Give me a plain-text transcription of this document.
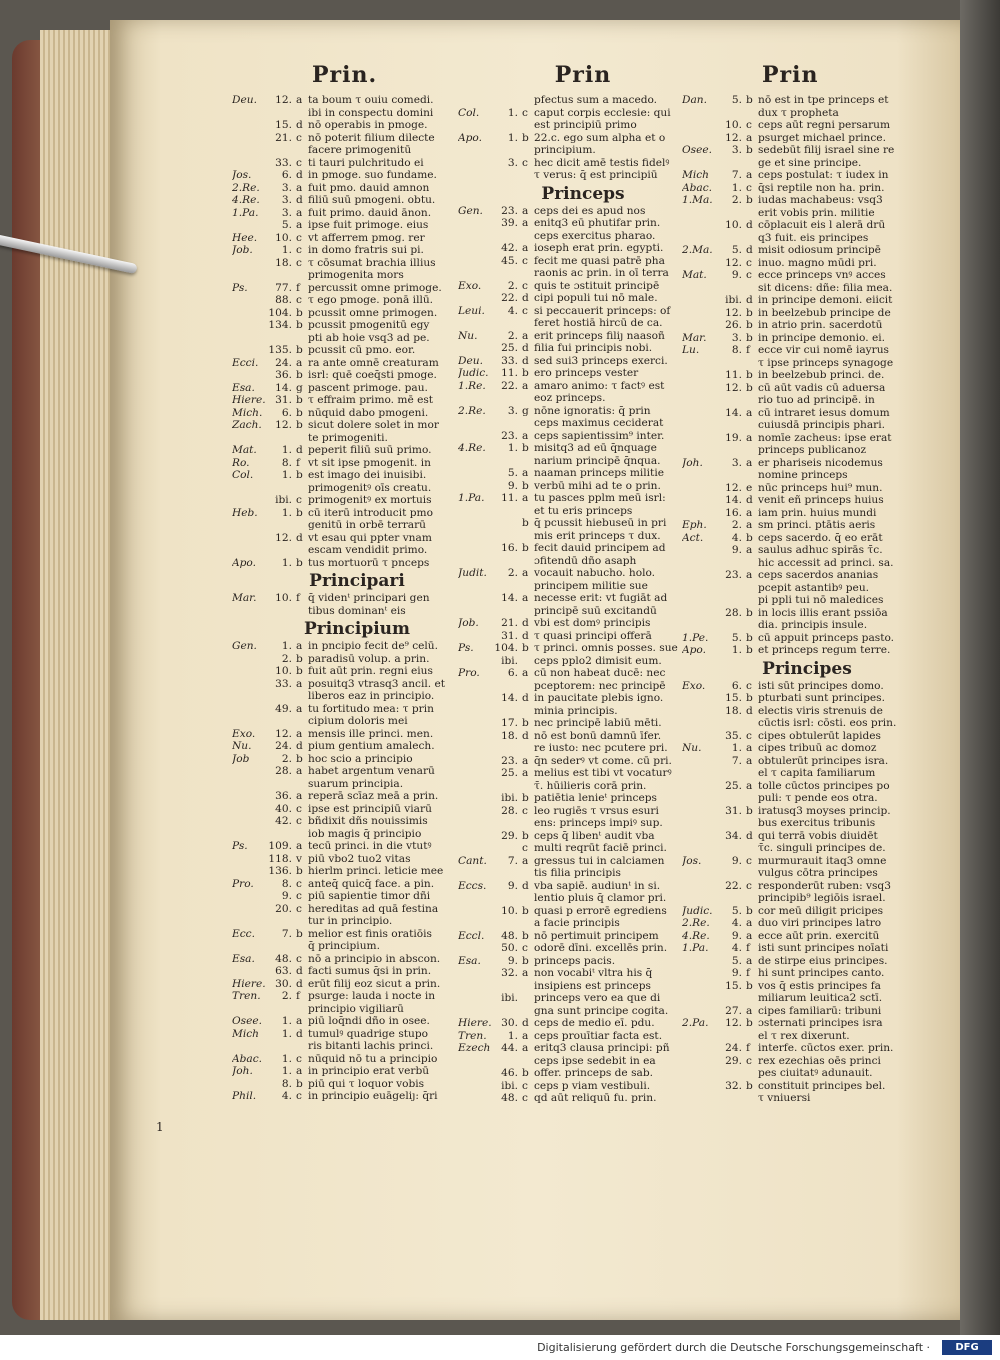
Prin.
Deu.	12. a ta boum τ ouiu comedi.
ibi in conspectu domini
15. d nō operabis in pmoge.
21. c nō poterit filium dilecte
facere primogenitū
33. c ti tauri pulchritudo ei
Jos.	6. d in pmoge. suo fundame.
2.Re.	3. a fuit pmo. dauid amnon
4.Re.	3. d filiū suū pmogeni. obtu.
1.Pa.	3. a fuit primo. dauid ānon.
5. a ipse fuit primoge. eius
Hee.	10. c vt afferrem pmog. rer
Job.	1. c in domo fratris sui pi.
18. c τ cōsumat brachia illius
primogenita mors
Ps.	77. f percussit omne primoge.
88. c τ ego pmoge. ponā illū.
104. b pcussit omne primogen.
134. b pcussit pmogenitū egy
pti ab hoie vsq3 ad pe.
135. b pcussit cū pmo. eor.
Ecci.	24. a ra ante omnē creaturam
36. b isrl: quē coeq̄sti pmoge.
Esa.	14. g pascent primoge. pau.
Hiere. 31. b τ effraim primo. mē est
Mich.	6. b nūquid dabo pmogeni.
Zach.	12. b sicut dolere solet in mor
te primogeniti.
Mat.	1. d peperit filiū suū primo.
Ro.	8. f vt sit ipse pmogenit. in
Col.	1. b est imago dei inuisibi.
primogenitꝰ oīs creatu.
ibi. c primogenitꝰ ex mortuis
Heb.	1. b cū iterū introducit pmo
genitū in orbē terrarū
12. d vt esau qui ppter vnam
escam vendidit primo.
Apo.	1. b tus mortuorū τ pnceps
Principari
Mar.	10. f q̄ videnᵗ principari gen
tibus dominanᵗ eis
Principium
Gen.	1. a in pncipio fecit de⁹ celū.
2. b paradisū volup. a prin.
10. b fuit aūt prin. regni eius
33. a posuitq3 vtrasq3 ancil. et
liberos eaz in principio.
49. a tu fortitudo mea: τ prin
cipium doloris mei
Exo.	12. a mensis ille princi. men.
Nu.	24. d pium gentium amalech.
Job	2. b hoc scio a principio
28. a habet argentum venarū
suarum principia.
36. a reperā scīaz meā a prin.
40. c ipse est principiū viarū
42. c bñdixit dñs nouissimis
iob magis q̄ principio
Ps.	109. a tecū princi. in die vtutꝰ
118. v piū vbo2 tuo2 vitas
136. b hierlm princi. leticie mee
Pro.	8. c anteq̄ quicq̄ face. a pin.
9. c piū sapientie timor dñi
20. c hereditas ad quā festina
tur in principio.
Ecc.	7. b melior est finis oratiōis
q̄ principium.
Esa.	48. c nō a principio in abscon.
63. d facti sumus q̄si in prin.
Hiere. 30. d erūt filij eoz sicut a prin.
Tren.	2. f psurge: lauda i nocte in
principio vigiliarū
Osee.	1. a piū loq̄ndi dño in osee.
Mich	1. d tumulꝰ quadrige stupo
ris bitanti lachis princi.
Abac.	1. c nūquid nō tu a principio
Joh.	1. a in principio erat verbū
8. b piū qui τ loquor vobis
Phil.	4. c in principio euāgeliȷ: q̄ri
Prin
pfectus sum a macedo.
Col.	1. c caput corpis ecclesie: qui
est principiū primo
Apo.	1. b 22.c. ego sum alpha et o
principium.
3. c hec dicit amē testis fidelꝰ
τ verus: q̄ est principiū
Princeps
Gen.	23. a ceps dei es apud nos
39. a enitq3 eū phutifar prin.
ceps exercitus pharao.
42. a ioseph erat prin. egypti.
45. c fecit me quasi patrē pha
raonis ac prin. in oī terra
Exo.	2. c quis te ɔstituit principē
22. d cipi populi tui nō male.
Leui.	4. c si peccauerit princeps: of
feret hostiā hircū de ca.
Nu.	2. a erit princeps filiȷ naasoñ
25. d filia fui principis nobi.
Deu.	33. d sed sui3 princeps exerci.
Judic.	11. b ero princeps vester
1.Re.	22. a amaro animo: τ factꝰ est
eoz princeps.
2.Re.	3. g nōne ignoratis: q̄ prin
ceps maximus ceciderat
23. a ceps sapientissim⁹ inter.
4.Re.	1. b misitq3 ad eū q̄nquage
narium principē q̄nqua.
5. a naaman princeps militie
9. b verbū mihi ad te o prin.
1.Pa.	11. a tu pasces pplm meū isrl:
et tu eris princeps
b q̄ pcussit hiebuseū in pri
mis erit princeps τ dux.
16. b fecit dauid principem ad
ɔfitendū dño asaph
Judit.	2. a vocauit nabucho. holo.
principem militie sue
14. a necesse erit: vt fugiāt ad
principē suū excitandū
Job.	21. d vbi est domꝰ principis
31. d τ quasi principi offerā
Ps.	104. b τ princi. omnis posses. sue
ibi.	ceps pplo2 dimisit eum.
Pro.	6. a cū non habeat ducē: nec
pceptorem: nec principē
14. d in paucitate plebis igno.
minia principis.
17. b nec principē labiū mēti.
18. d nō est bonū damnū īfer.
re iusto: nec pcutere pri.
23. a q̄n sederꝰ vt come. cū pri.
25. a melius est tibi vt vocaturꝰ
τ̄. hūilieris corā prin.
ibi. b patiētia lenieᵗ princeps
28. c leo rugiēs τ vrsus esuri
ens: princeps impiꝰ sup.
29. b ceps q̄ libenᵗ audit vba
c multi reqrūt faciē princi.
Cant.	7. a gressus tui in calciamen
tis filia principis
Eccs.	9. d vba sapiē. audiunᵗ in si.
lentio pluis q̄ clamor pri.
10. b quasi p errorē egrediens
a facie principis
Eccl.	48. b nō pertimuit principem
50. c odorē dīni. excellēs prin.
Esa.	9. b princeps pacis.
32. a non vocabiᵗ vltra his q̄
insipiens est princeps
ibi.	princeps vero ea que di
gna sunt principe cogita.
Hiere. 30. d ceps de medio eī. pdu.
Tren.	1. a ceps prouītiar facta est.
Ezech	44. a eritq3 clausa principi: pñ
ceps ipse sedebit in ea
46. b offer. princeps de sab.
ibi. c ceps p viam vestibuli.
48. c qd aūt reliquū fu. prin.
Prin
Dan.	5. b nō est in tpe princeps et
dux τ propheta
10. c ceps aūt regni persarum
12. a psurget michael prince.
Osee.	3. b sedebūt filij israel sine re
ge et sine principe.
Mich	7. a ceps postulat: τ iudex in
Abac.	1. c q̄si reptile non ha. prin.
1.Ma.	2. b iudas machabeus: vsq3
erit vobis prin. militie
10. d cōplacuit eis l alerā drū
q3 fuit. eis principes
2.Ma.	5. d misit odiosum principē
12. c inuo. magno mūdi pri.
Mat.	9. c ecce princeps vnꝰ acces
sit dicens: dñe: filia mea.
ibi. d in principe demoni. eiicit
12. b in beelzebub principe de
26. b in atrio prin. sacerdotū
Mar.	3. b in principe demonio. ei.
Lu.	8. f ecce vir cui nomē iayrus
τ ipse princeps synagoge
11. b in beelzebub princi. de.
12. b cū aūt vadis cū aduersa
rio tuo ad principē. in
14. a cū intraret iesus domum
cuiusdā principis phari.
19. a nomīe zacheus: ipse erat
princeps publicanoz
Joh.	3. a er phariseis nicodemus
nomine princeps
12. e nūc princeps hui⁹ mun.
14. d venit eñ princeps huius
16. a iam prin. huius mundi
Eph.	2. a sm princi. ptātis aeris
Act.	4. b ceps sacerdo. q̄ eo erāt
9. a saulus adhuc spirās τ̄c.
hic accessit ad princi. sa.
23. a ceps sacerdos ananias
pcepit astantibꝰ peu.
pi ppli tui nō maledices
28. b in locis illis erant pssiōa
dia. principis insule.
1.Pe.	5. b cū appuit princeps pasto.
Apo.	1. b et princeps regum terre.
Principes
Exo.	6. c isti sūt principes domo.
15. b pturbati sunt principes.
18. d electis viris strenuis de
cūctis isrl: cōsti. eos prin.
35. c cipes obtulerūt lapides
Nu.	1. a cipes tribuū ac domoz
7. a obtulerūt principes isra.
el τ capita familiarum
25. a tolle cūctos principes po
puli: τ pende eos otra.
31. b iratusq3 moyses princip.
bus exercitus tribunis
34. d qui terrā vobis diuidēt
τ̄c. singuli principes de.
Jos.	9. c murmurauit itaq3 omne
vulgus cōtra principes
22. c responderūt ruben: vsq3
principib⁹ legiōis israel.
Judic.	5. b cor meū diligit pricipes
2.Re.	4. a duo viri principes latro
4.Re.	9. a ecce aūt prin. exercitū
1.Pa.	4. f isti sunt principes noīati
5. a de stirpe eius principes.
9. f hi sunt principes canto.
15. b vos q̄ estis principes fa
miliarum leuitica2 sctī.
27. a cipes familiarū: tribuni
2.Pa.	12. b ɔsternati principes isra
el τ rex dixerunt.
24. f interfe. cūctos exer. prin.
29. c rex ezechias oēs princi
pes ciuitatꝰ adunauit.
32. b constituit principes bel.
τ vniuersi
1
Digitalisierung gefördert durch die Deutsche Forschungsgemeinschaft ·	DFG
